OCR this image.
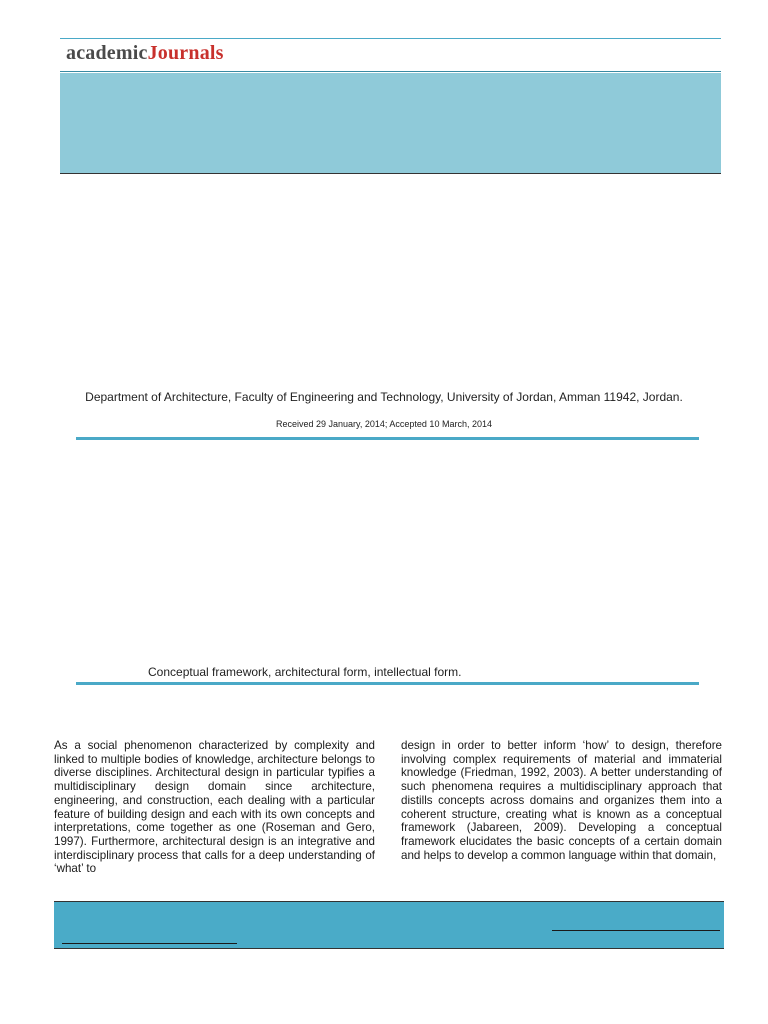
academicJournals
Department of Architecture, Faculty of Engineering and Technology, University of Jordan, Amman 11942, Jordan.
Received 29 January, 2014; Accepted 10 March, 2014
Conceptual framework, architectural form, intellectual form.

As a social phenomenon characterized by complexity and linked to multiple bodies of knowledge, architecture belongs to diverse disciplines. Architectural design in particular typifies a multidisciplinary design domain since architecture, engineering, and construction, each dealing with a particular feature of building design and each with its own concepts and interpretations, come together as one (Roseman and Gero, 1997). Furthermore, architectural design is an integrative and interdisciplinary process that calls for a deep understanding of ‘what’ to

design in order to better inform ‘how’ to design, therefore involving complex requirements of material and immaterial knowledge (Friedman, 1992, 2003). A better understanding of such phenomena requires a multidisciplinary approach that distills concepts across domains and organizes them into a coherent structure, creating what is known as a conceptual framework (Jabareen, 2009). Developing a conceptual framework elucidates the basic concepts of a certain domain and helps to develop a common language within that domain,
